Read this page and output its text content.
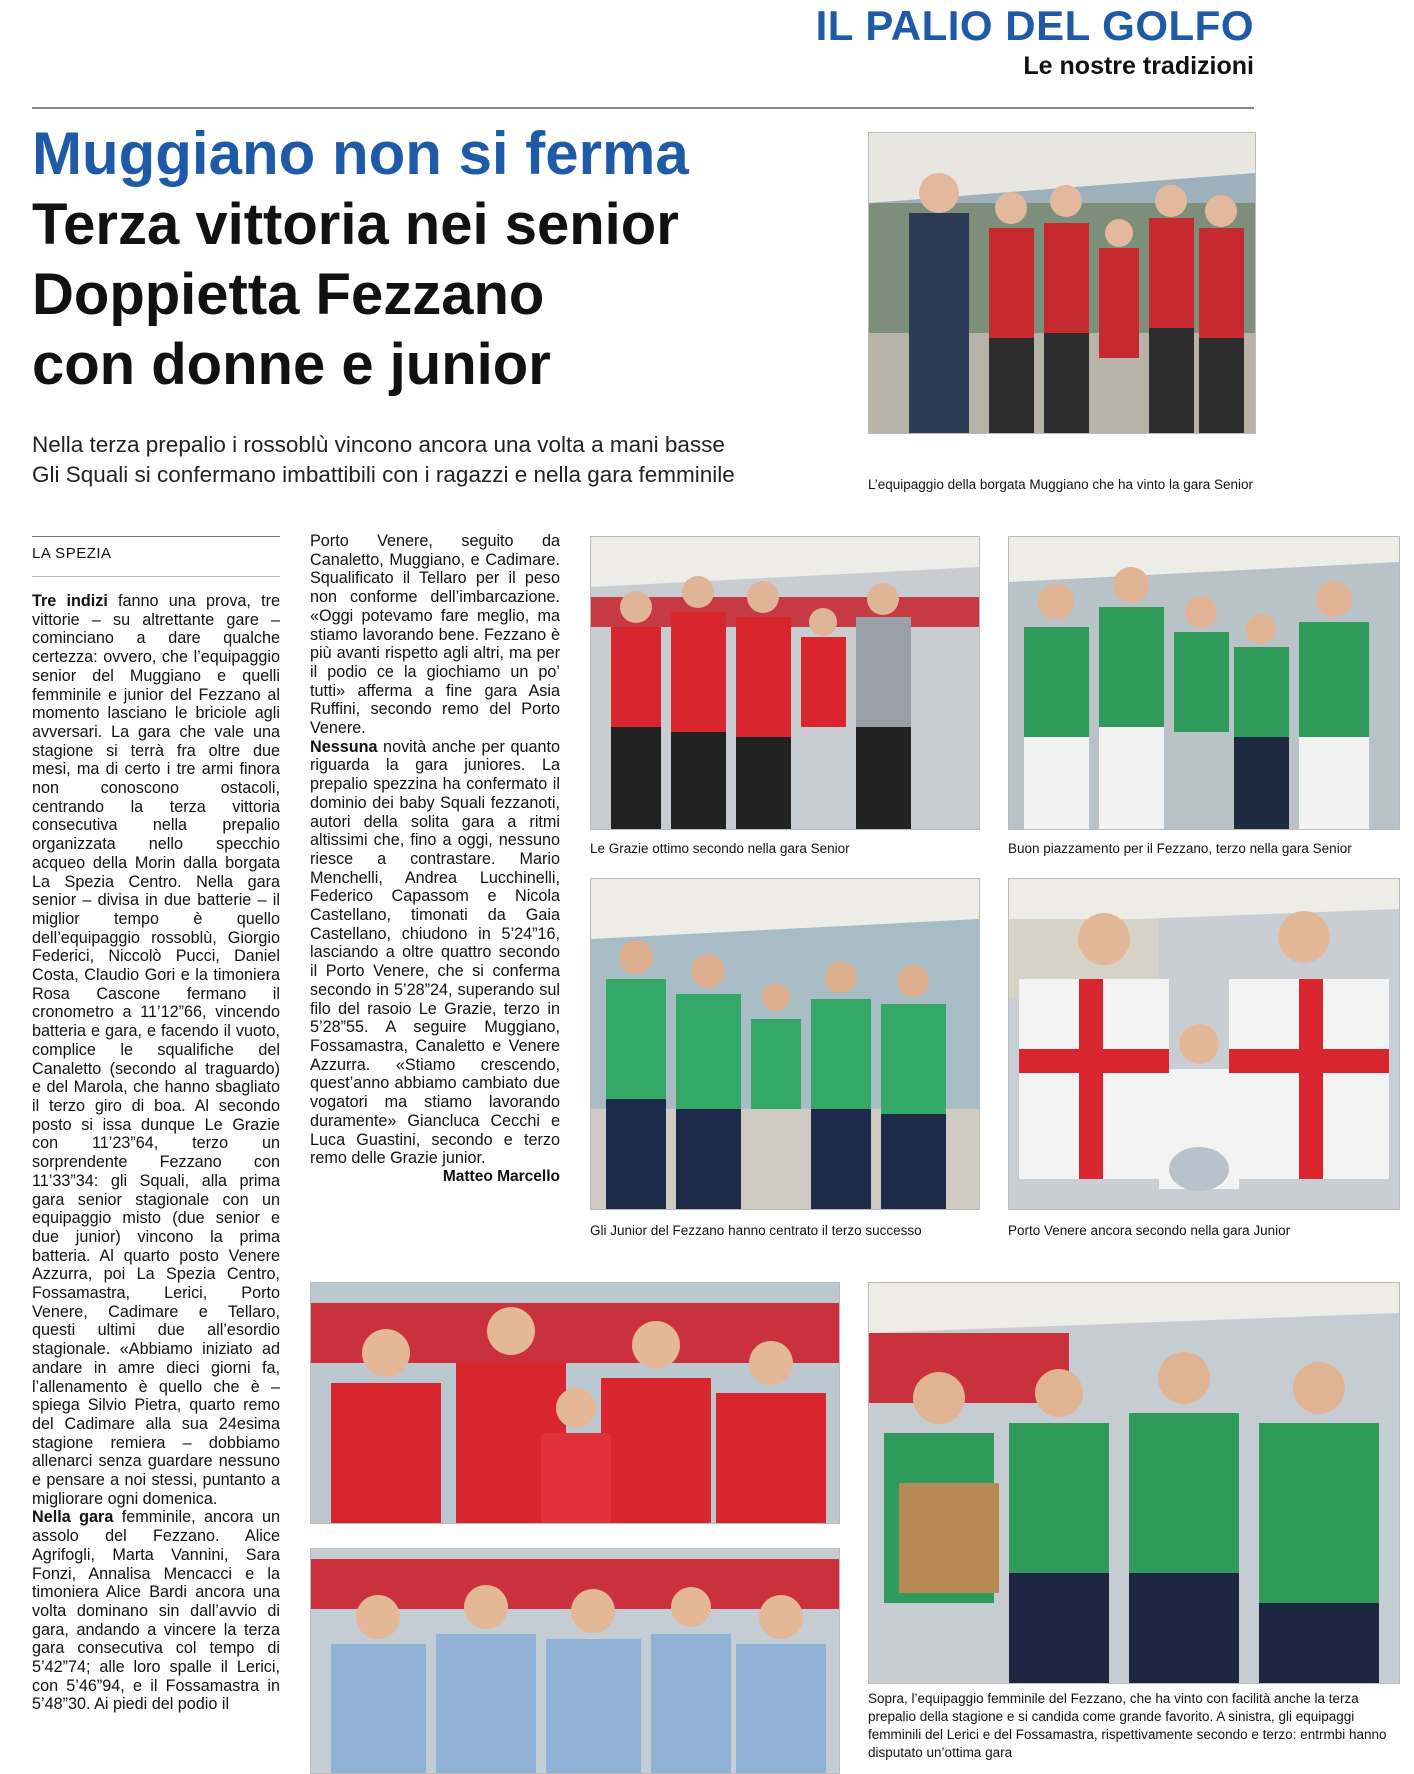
IL PALIO DEL GOLFO
Le nostre tradizioni
Muggiano non si ferma
Terza vittoria nei senior
Doppietta Fezzano
con donne e junior
Nella terza prepalio i rossoblù vincono ancora una volta a mani basse
Gli Squali si confermano imbattibili con i ragazzi e nella gara femminile	L’equipaggio della borgata Muggiano che ha vinto la gara Senior
LA SPEZIA

Tre indizi fanno una prova, tre vittorie – su altrettante gare – cominciano a dare qualche certezza: ovvero, che l’equipaggio senior del Muggiano e quelli femminile e junior del Fezzano al momento lasciano le briciole agli avversari. La gara che vale una stagione si terrà fra oltre due mesi, ma di certo i tre armi finora non conoscono ostacoli, centrando la terza vittoria consecutiva nella prepalio organizzata nello specchio acqueo della Morin dalla borgata La Spezia Centro. Nella gara senior – divisa in due batterie – il miglior tempo è quello dell’equipaggio rossoblù, Giorgio Federici, Niccolò Pucci, Daniel Costa, Claudio Gori e la timoniera Rosa Cascone fermano il cronometro a 11’12”66, vincendo batteria e gara, e facendo il vuoto, complice le squalifiche del Canaletto (secondo al traguardo) e del Marola, che hanno sbagliato il terzo giro di boa. Al secondo posto si issa dunque Le Grazie con 11’23”64, terzo un sorprendente Fezzano con 11’33”34: gli Squali, alla prima gara senior stagionale con un equipaggio misto (due senior e due junior) vincono la prima batteria. Al quarto posto Venere Azzurra, poi La Spezia Centro, Fossamastra, Lerici, Porto Venere, Cadimare e Tellaro, questi ultimi due all’esordio stagionale. «Abbiamo iniziato ad andare in amre dieci giorni fa, l’allenamento è quello che è – spiega Silvio Pietra, quarto remo del Cadimare alla sua 24esima stagione remiera – dobbiamo allenarci senza guardare nessuno e pensare a noi stessi, puntanto a migliorare ogni domenica.

Nella gara femminile, ancora un assolo del Fezzano. Alice Agrifogli, Marta Vannini, Sara Fonzi, Annalisa Mencacci e la timoniera Alice Bardi ancora una volta dominano sin dall’avvio di gara, andando a vincere la terza gara consecutiva col tempo di 5’42”74; alle loro spalle il Lerici, con 5’46”94, e il Fossamastra in 5’48”30. Ai piedi del podio il

Porto Venere, seguito da Canaletto, Muggiano, e Cadimare. Squalificato il Tellaro per il peso non conforme dell’imbarcazione. «Oggi potevamo fare meglio, ma stiamo lavorando bene. Fezzano è più avanti rispetto agli altri, ma per il podio ce la giochiamo un po’ tutti» afferma a fine gara Asia Ruffini, secondo remo del Porto Venere.

Nessuna novità anche per quanto riguarda la gara juniores. La prepalio spezzina ha confermato il dominio dei baby Squali fezzanoti, autori della solita gara a ritmi altissimi che, fino a oggi, nessuno riesce a contrastare. Mario Menchelli, Andrea Lucchinelli, Federico Capassom e Nicola Castellano, timonati da Gaia Castellano, chiudono in 5’24”16, lasciando a oltre quattro secondo il Porto Venere, che si conferma secondo in 5’28”24, superando sul filo del rasoio Le Grazie, terzo in 5’28”55. A seguire Muggiano, Fossamastra, Canaletto e Venere Azzurra. «Stiamo crescendo, quest’anno abbiamo cambiato due vogatori ma stiamo lavorando duramente» Giancluca Cecchi e Luca Guastini, secondo e terzo remo delle Grazie junior.

Matteo Marcello
Le Grazie ottimo secondo nella gara Senior	Buon piazzamento per il Fezzano, terzo nella gara Senior
Gli Junior del Fezzano hanno centrato il terzo successo	Porto Venere ancora secondo nella gara Junior
Sopra, l’equipaggio femminile del Fezzano, che ha vinto con facilità anche la terza prepalio della stagione e si candida come grande favorito. A sinistra, gli equipaggi femminili del Lerici e del Fossamastra, rispettivamente secondo e terzo: entrmbi hanno disputato un’ottima gara
